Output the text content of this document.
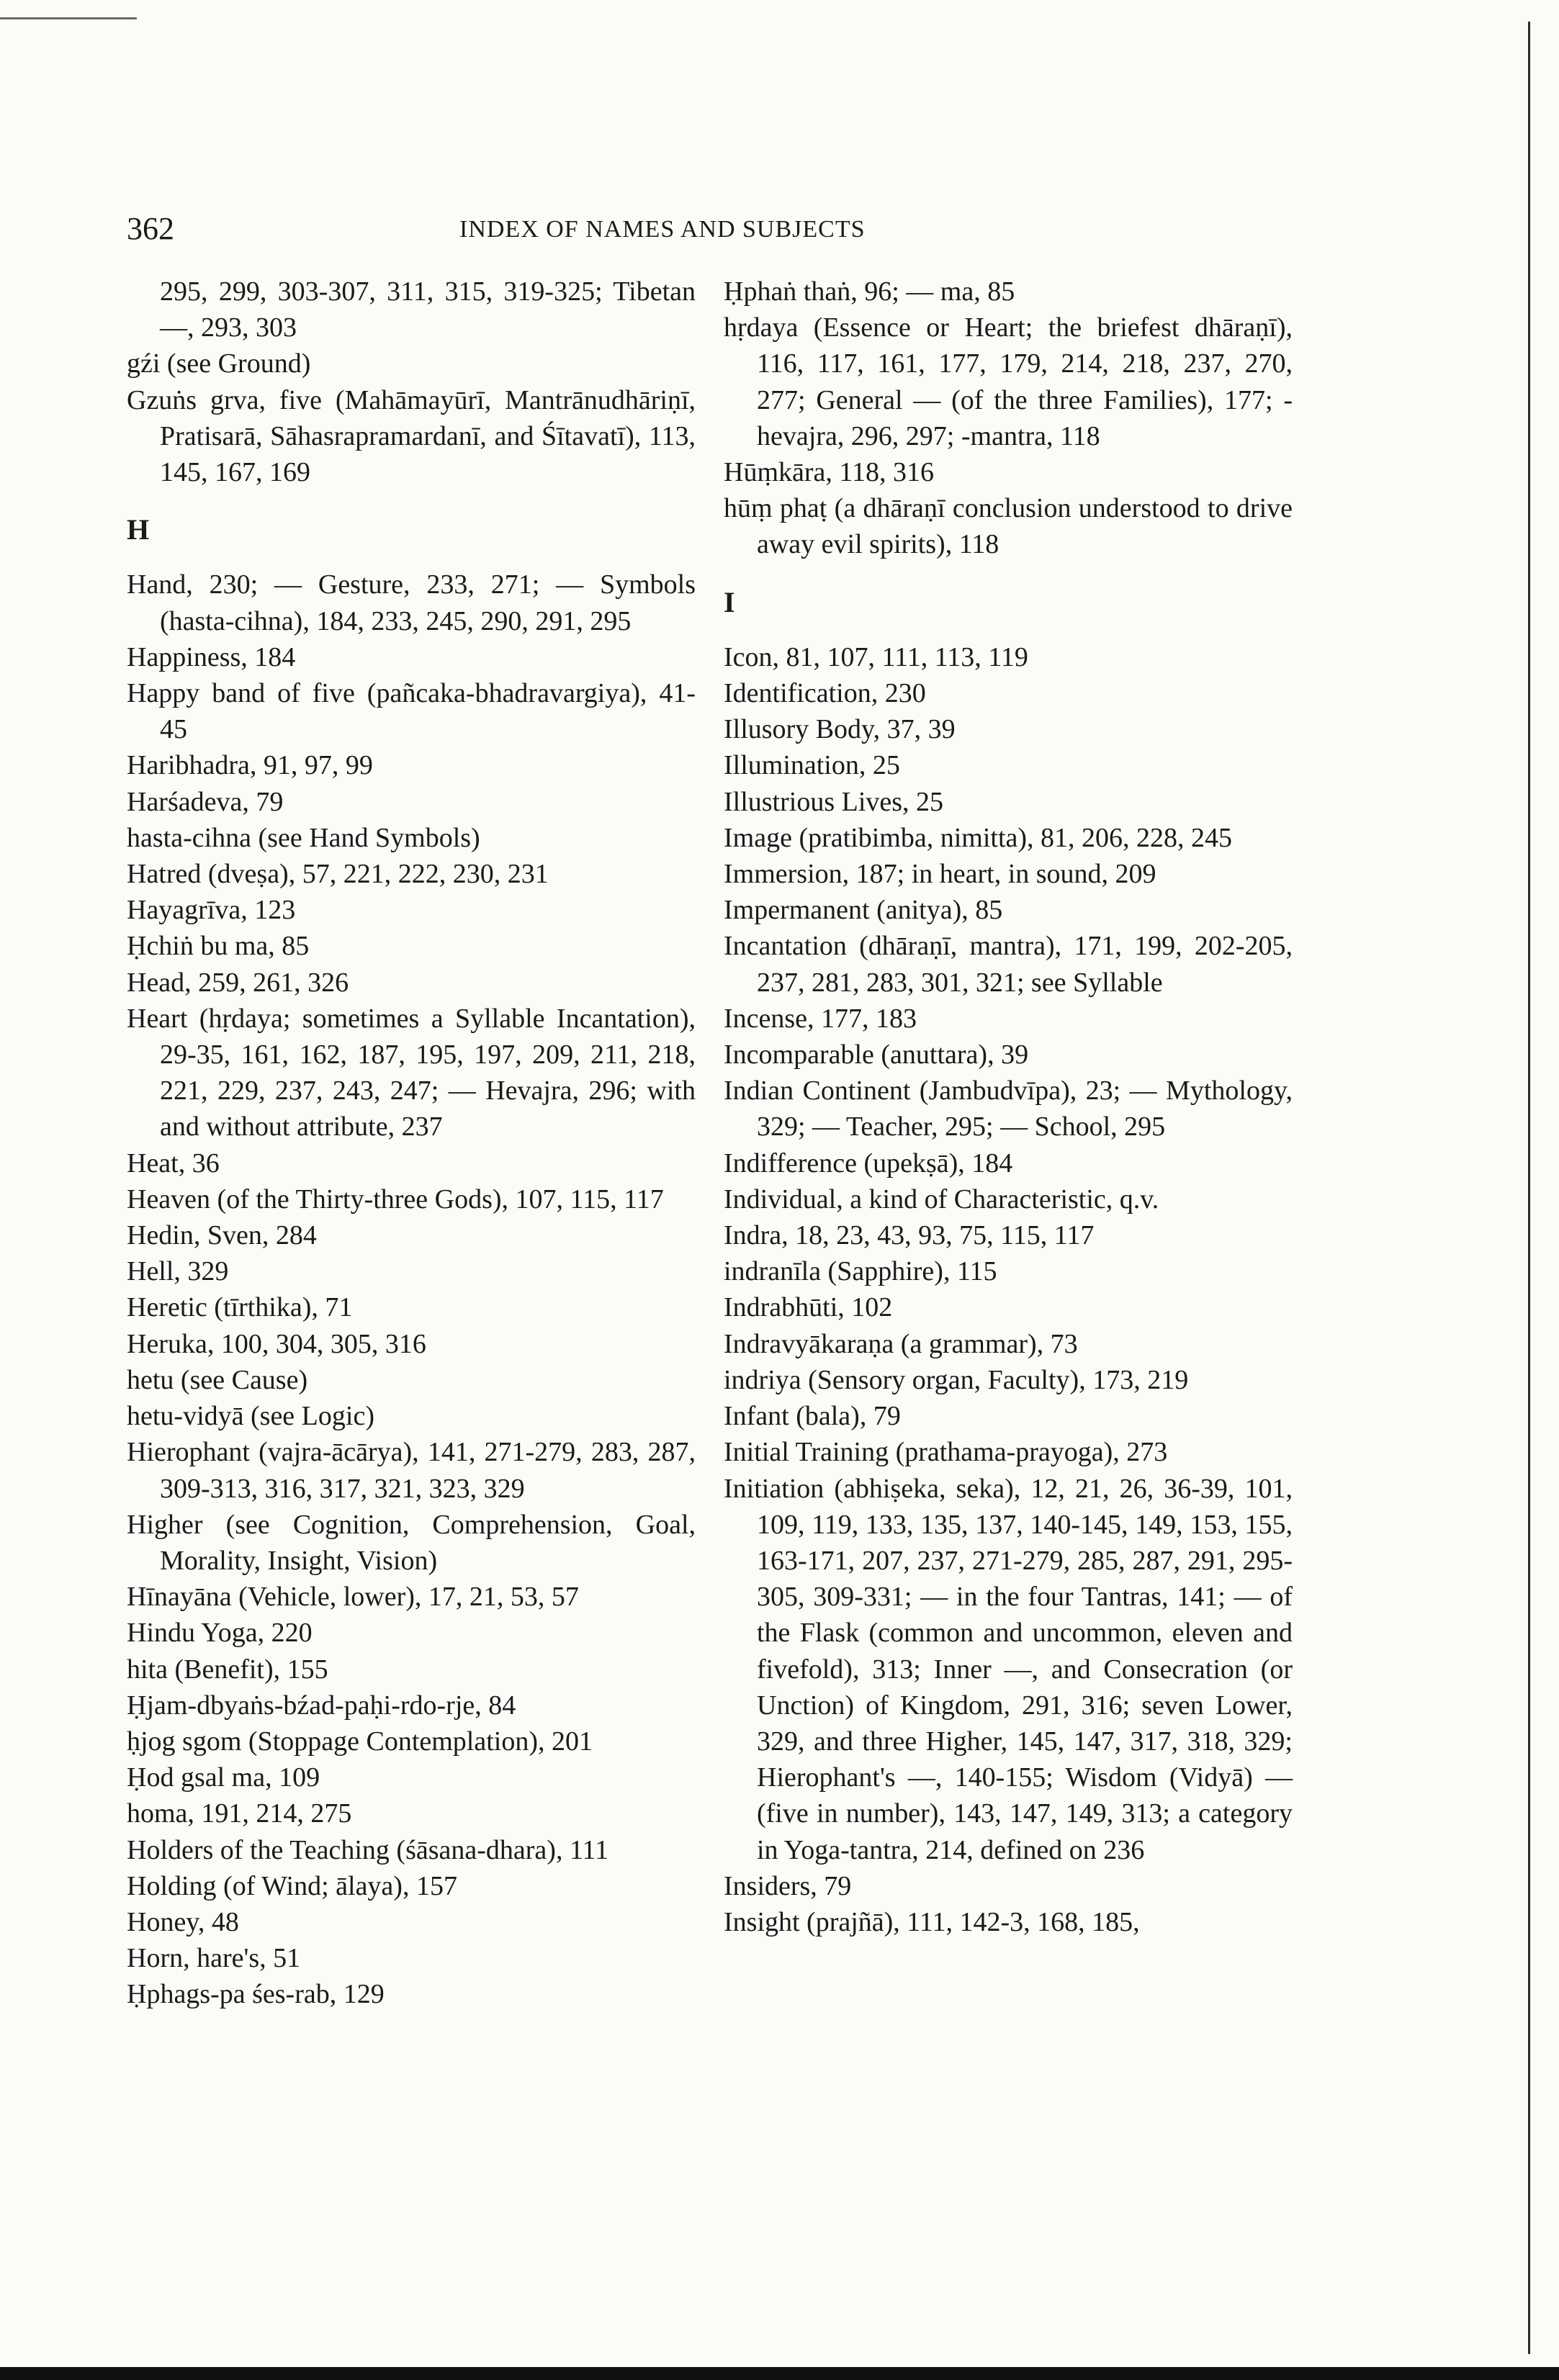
362	INDEX OF NAMES AND SUBJECTS

295, 299, 303-307, 311, 315, 319-325; Tibetan —, 293, 303

gźi (see Ground)

Gzuṅs grva, five (Mahāmayūrī, Mantrānudhāriṇī, Pratisarā, Sāhasrapramardanī, and Śītavatī), 113, 145, 167, 169

H

Hand, 230; — Gesture, 233, 271; — Symbols (hasta-cihna), 184, 233, 245, 290, 291, 295

Happiness, 184

Happy band of five (pañcaka-bhadravargiya), 41-45

Haribhadra, 91, 97, 99

Harśadeva, 79

hasta-cihna (see Hand Symbols)

Hatred (dveṣa), 57, 221, 222, 230, 231

Hayagrīva, 123

Ḥchiṅ bu ma, 85

Head, 259, 261, 326

Heart (hṛdaya; sometimes a Syllable Incantation), 29-35, 161, 162, 187, 195, 197, 209, 211, 218, 221, 229, 237, 243, 247; — Hevajra, 296; with and without attribute, 237

Heat, 36

Heaven (of the Thirty-three Gods), 107, 115, 117

Hedin, Sven, 284

Hell, 329

Heretic (tīrthika), 71

Heruka, 100, 304, 305, 316

hetu (see Cause)

hetu-vidyā (see Logic)

Hierophant (vajra-ācārya), 141, 271-279, 283, 287, 309-313, 316, 317, 321, 323, 329

Higher (see Cognition, Comprehension, Goal, Morality, Insight, Vision)

Hīnayāna (Vehicle, lower), 17, 21, 53, 57

Hindu Yoga, 220

hita (Benefit), 155

Ḥjam-dbyaṅs-bźad-paḥi-rdo-rje, 84

ḥjog sgom (Stoppage Contemplation), 201

Ḥod gsal ma, 109

homa, 191, 214, 275

Holders of the Teaching (śāsana-dhara), 111

Holding (of Wind; ālaya), 157

Honey, 48

Horn, hare's, 51

Ḥphags-pa śes-rab, 129

Ḥphaṅ thaṅ, 96; — ma, 85

hṛdaya (Essence or Heart; the briefest dhāraṇī), 116, 117, 161, 177, 179, 214, 218, 237, 270, 277; General — (of the three Families), 177; -hevajra, 296, 297; -mantra, 118

Hūṃkāra, 118, 316

hūṃ phaṭ (a dhāraṇī conclusion understood to drive away evil spirits), 118

I

Icon, 81, 107, 111, 113, 119

Identification, 230

Illusory Body, 37, 39

Illumination, 25

Illustrious Lives, 25

Image (pratibimba, nimitta), 81, 206, 228, 245

Immersion, 187; in heart, in sound, 209

Impermanent (anitya), 85

Incantation (dhāraṇī, mantra), 171, 199, 202-205, 237, 281, 283, 301, 321; see Syllable

Incense, 177, 183

Incomparable (anuttara), 39

Indian Continent (Jambudvīpa), 23; — Mythology, 329; — Teacher, 295; — School, 295

Indifference (upekṣā), 184

Individual, a kind of Characteristic, q.v.

Indra, 18, 23, 43, 93, 75, 115, 117

indranīla (Sapphire), 115

Indrabhūti, 102

Indravyākaraṇa (a grammar), 73

indriya (Sensory organ, Faculty), 173, 219

Infant (bala), 79

Initial Training (prathama-prayoga), 273

Initiation (abhiṣeka, seka), 12, 21, 26, 36-39, 101, 109, 119, 133, 135, 137, 140-145, 149, 153, 155, 163-171, 207, 237, 271-279, 285, 287, 291, 295-305, 309-331; — in the four Tantras, 141; — of the Flask (common and uncommon, eleven and fivefold), 313; Inner —, and Consecration (or Unction) of Kingdom, 291, 316; seven Lower, 329, and three Higher, 145, 147, 317, 318, 329; Hierophant's —, 140-155; Wisdom (Vidyā) — (five in number), 143, 147, 149, 313; a category in Yoga-tantra, 214, defined on 236

Insiders, 79

Insight (prajñā), 111, 142-3, 168, 185,
